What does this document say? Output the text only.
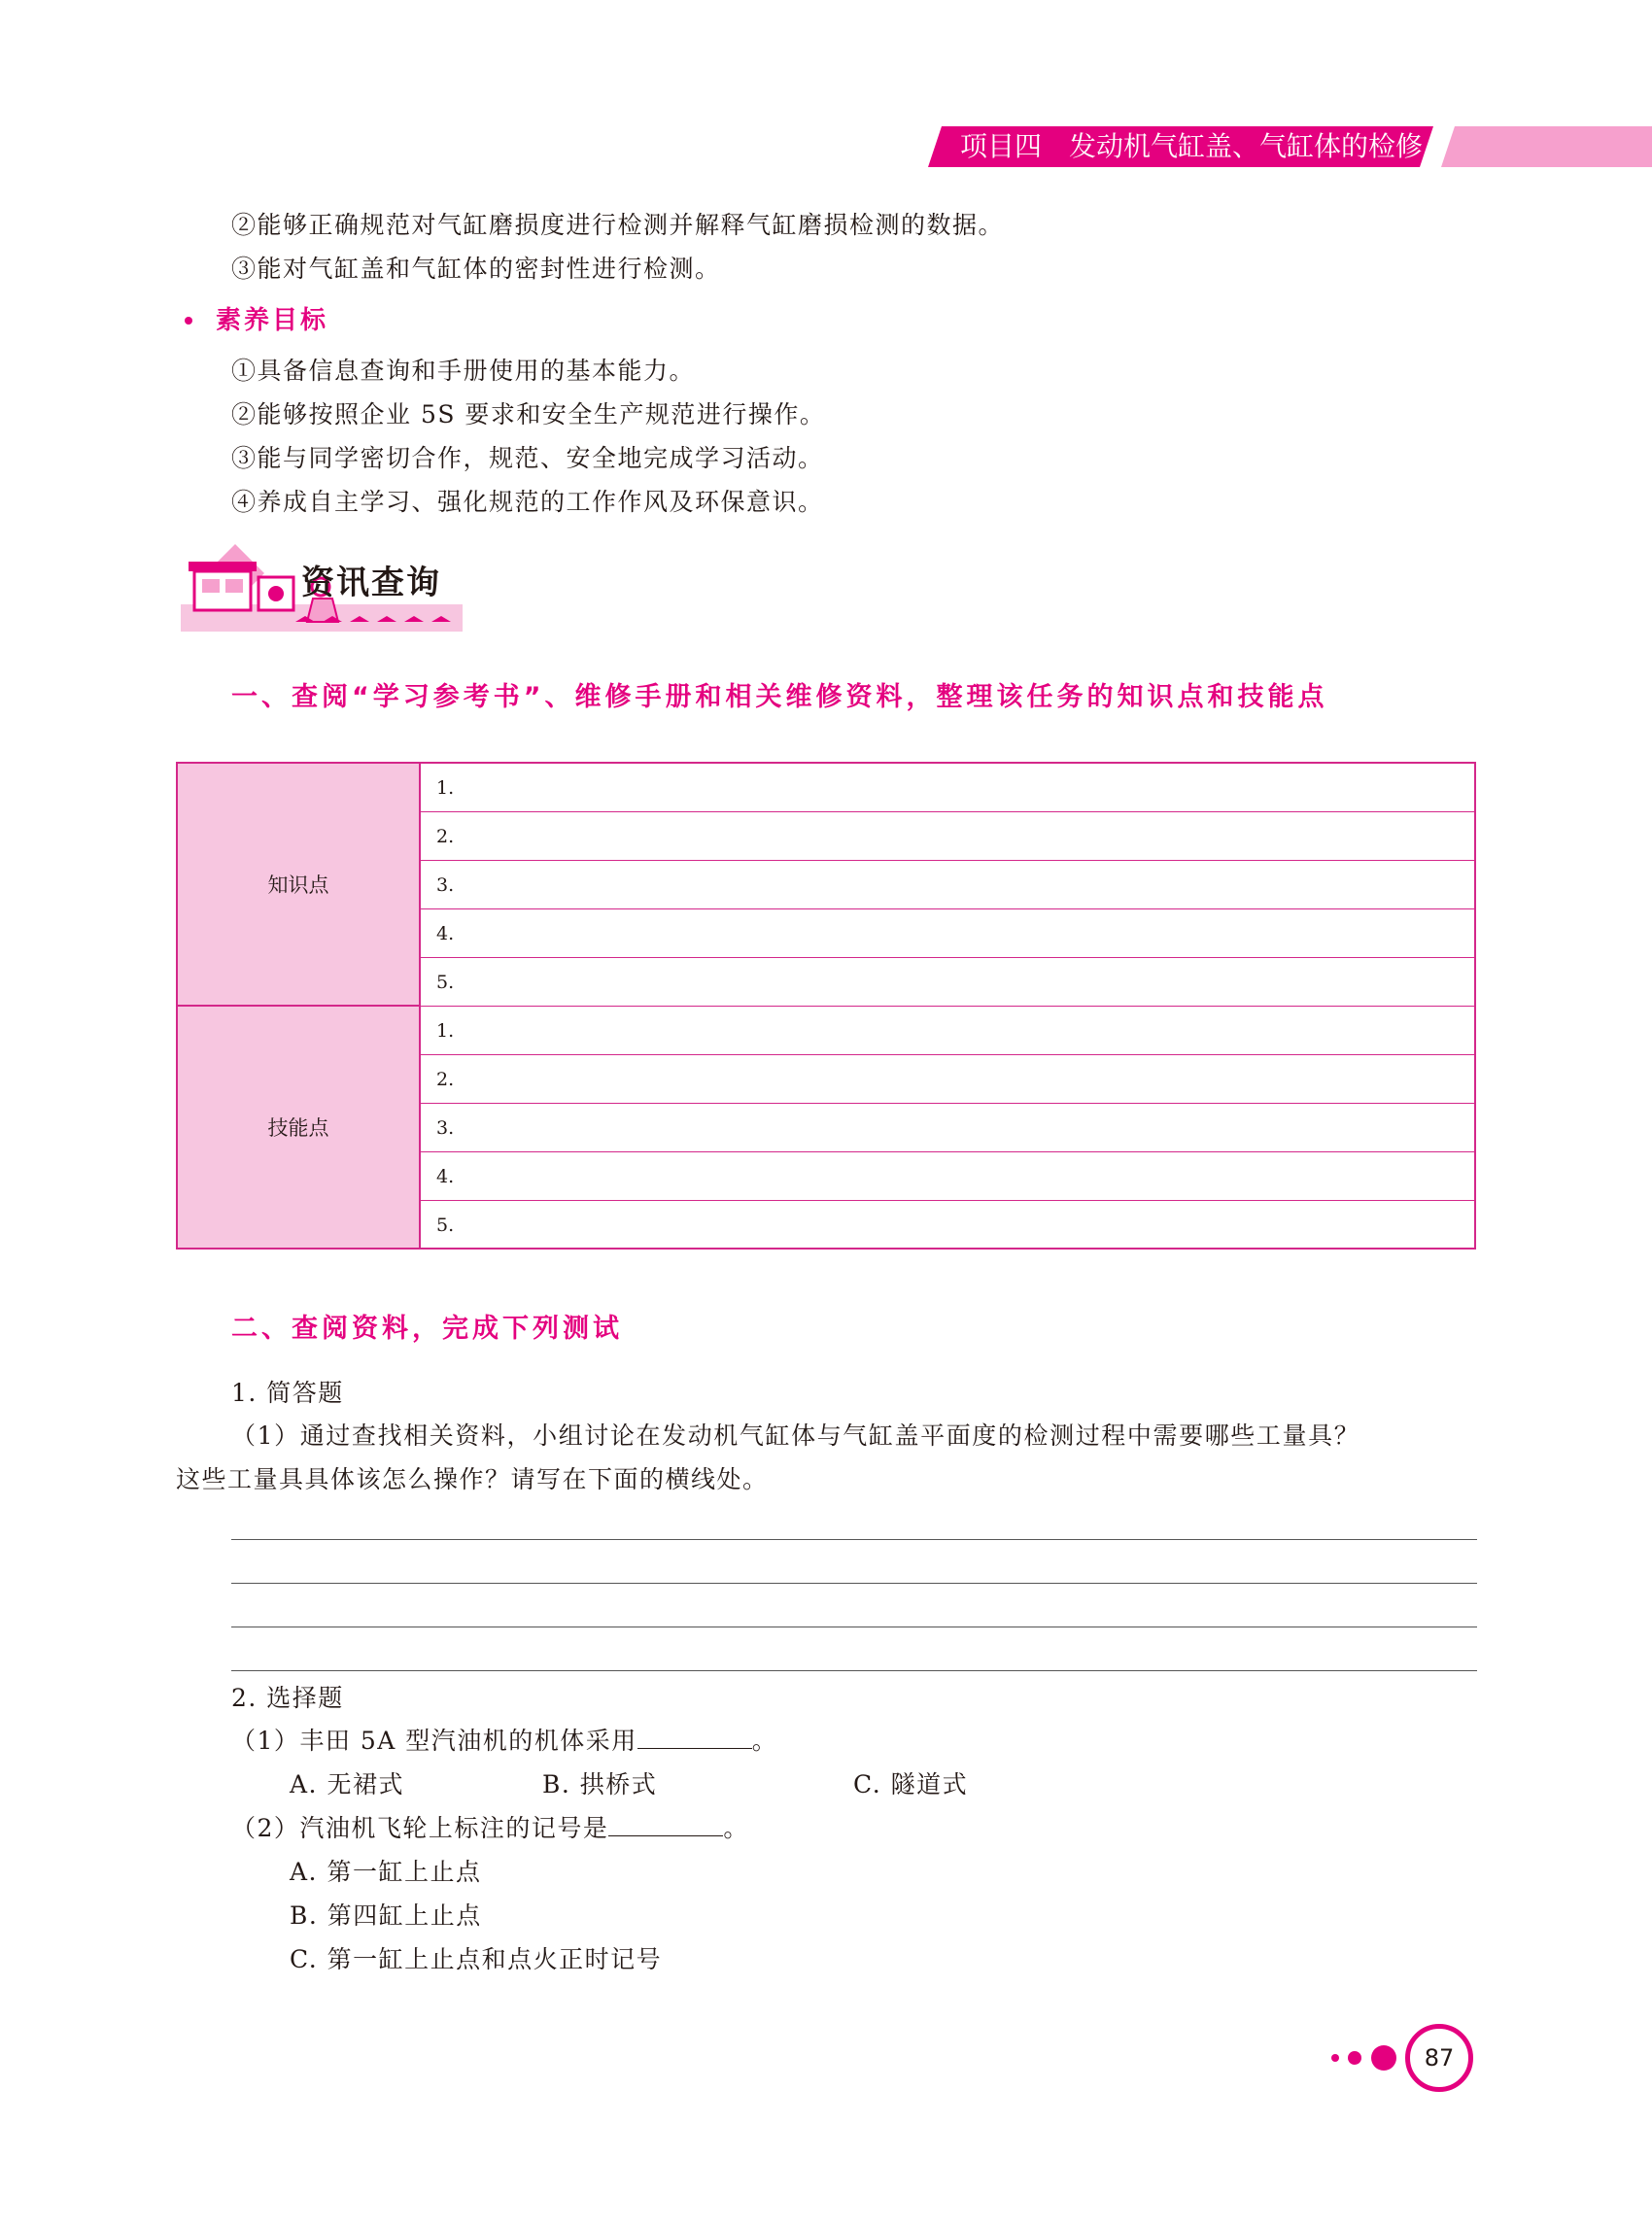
项目四　发动机气缸盖、气缸体的检修
②能够正确规范对气缸磨损度进行检测并解释气缸磨损检测的数据。
③能对气缸盖和气缸体的密封性进行检测。
素养目标
①具备信息查询和手册使用的基本能力。
②能够按照企业 5S 要求和安全生产规范进行操作。
③能与同学密切合作，规范、安全地完成学习活动。
④养成自主学习、强化规范的工作作风及环保意识。
资讯查询
一、查阅“学习参考书”、维修手册和相关维修资料，整理该任务的知识点和技能点
知识点
1.
2.
3.
4.
5.
技能点
1.
2.
3.
4.
5.
二、查阅资料，完成下列测试
1. 简答题
（1）通过查找相关资料，小组讨论在发动机气缸体与气缸盖平面度的检测过程中需要哪些工量具？
这些工量具具体该怎么操作？请写在下面的横线处。
2. 选择题
（1）丰田 5A 型汽油机的机体采用	。
A. 无裙式	B. 拱桥式	C. 隧道式
（2）汽油机飞轮上标注的记号是	。
A. 第一缸上止点
B. 第四缸上止点
C. 第一缸上止点和点火正时记号
87
